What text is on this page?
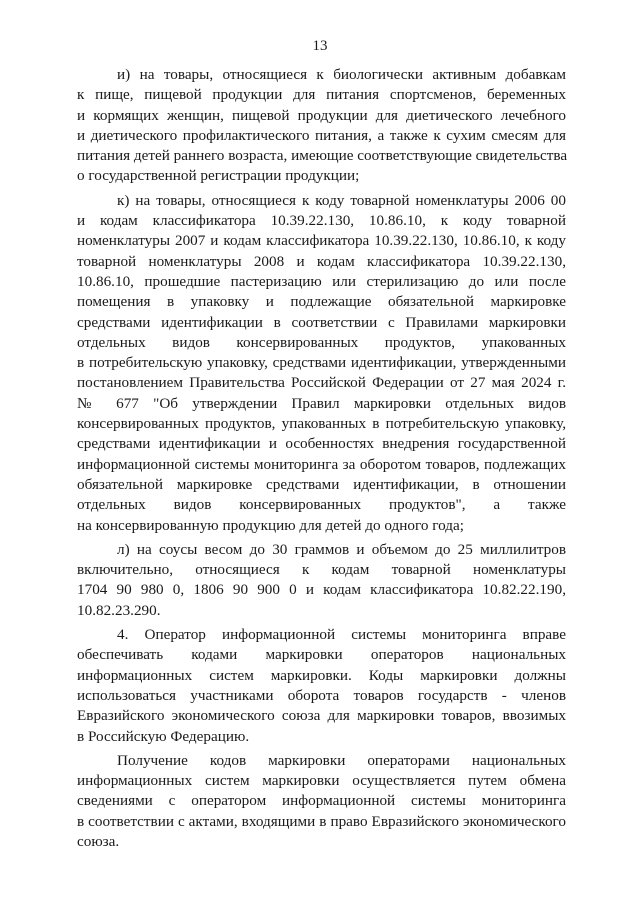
13
и) на товары, относящиеся к биологически активным добавкам
к пище, пищевой продукции для питания спортсменов, беременных
и кормящих женщин, пищевой продукции для диетического лечебного
и диетического профилактического питания, а также к сухим смесям для
питания детей раннего возраста, имеющие соответствующие свидетельства
о государственной регистрации продукции;
к) на товары, относящиеся к коду товарной номенклатуры 2006 00
и кодам классификатора 10.39.22.130, 10.86.10, к коду товарной
номенклатуры 2007 и кодам классификатора 10.39.22.130, 10.86.10, к коду
товарной номенклатуры 2008 и кодам классификатора 10.39.22.130,
10.86.10, прошедшие пастеризацию или стерилизацию до или после
помещения в упаковку и подлежащие обязательной маркировке
средствами идентификации в соответствии с Правилами маркировки
отдельных видов консервированных продуктов, упакованных
в потребительскую упаковку, средствами идентификации, утвержденными
постановлением Правительства Российской Федерации от 27 мая 2024 г.
№ 677 "Об утверждении Правил маркировки отдельных видов
консервированных продуктов, упакованных в потребительскую упаковку,
средствами идентификации и особенностях внедрения государственной
информационной системы мониторинга за оборотом товаров, подлежащих
обязательной маркировке средствами идентификации, в отношении
отдельных видов консервированных продуктов", а также
на консервированную продукцию для детей до одного года;
л) на соусы весом до 30 граммов и объемом до 25 миллилитров
включительно, относящиеся к кодам товарной номенклатуры
1704 90 980 0, 1806 90 900 0 и кодам классификатора 10.82.22.190,
10.82.23.290.
4. Оператор информационной системы мониторинга вправе
обеспечивать кодами маркировки операторов национальных
информационных систем маркировки. Коды маркировки должны
использоваться участниками оборота товаров государств - членов
Евразийского экономического союза для маркировки товаров, ввозимых
в Российскую Федерацию.
Получение кодов маркировки операторами национальных
информационных систем маркировки осуществляется путем обмена
сведениями с оператором информационной системы мониторинга
в соответствии с актами, входящими в право Евразийского экономического
союза.
